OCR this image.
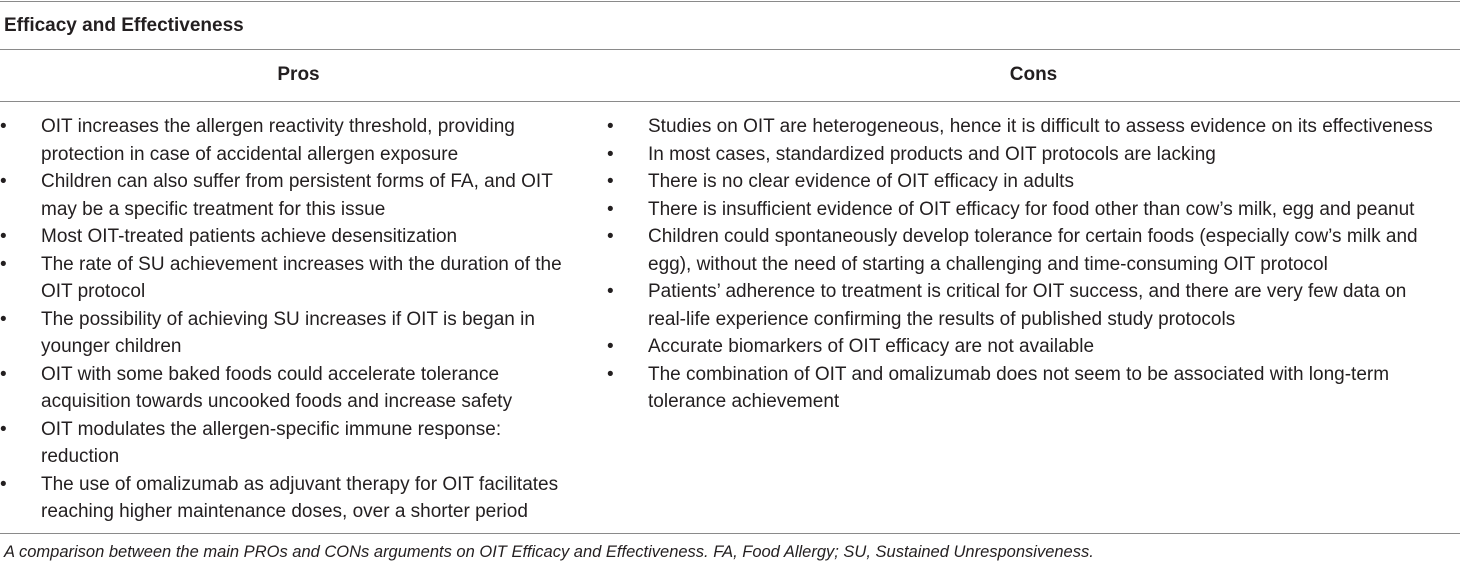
Efficacy and Effectiveness
Pros	Cons
• OIT increases the allergen reactivity threshold, providing
protection in case of accidental allergen exposure
• Children can also suffer from persistent forms of FA, and OIT
may be a specific treatment for this issue
• Most OIT-treated patients achieve desensitization
• The rate of SU achievement increases with the duration of the
OIT protocol
• The possibility of achieving SU increases if OIT is began in
younger children
• OIT with some baked foods could accelerate tolerance
acquisition towards uncooked foods and increase safety
• OIT modulates the allergen-specific immune response:
reduction
• The use of omalizumab as adjuvant therapy for OIT facilitates
reaching higher maintenance doses, over a shorter period
• Studies on OIT are heterogeneous, hence it is difficult to assess evidence on its effectiveness
• In most cases, standardized products and OIT protocols are lacking
• There is no clear evidence of OIT efficacy in adults
• There is insufficient evidence of OIT efficacy for food other than cow’s milk, egg and peanut
• Children could spontaneously develop tolerance for certain foods (especially cow’s milk and
egg), without the need of starting a challenging and time-consuming OIT protocol
• Patients’ adherence to treatment is critical for OIT success, and there are very few data on
real-life experience confirming the results of published study protocols
• Accurate biomarkers of OIT efficacy are not available
• The combination of OIT and omalizumab does not seem to be associated with long-term
tolerance achievement
A comparison between the main PROs and CONs arguments on OIT Efficacy and Effectiveness. FA, Food Allergy; SU, Sustained Unresponsiveness.
